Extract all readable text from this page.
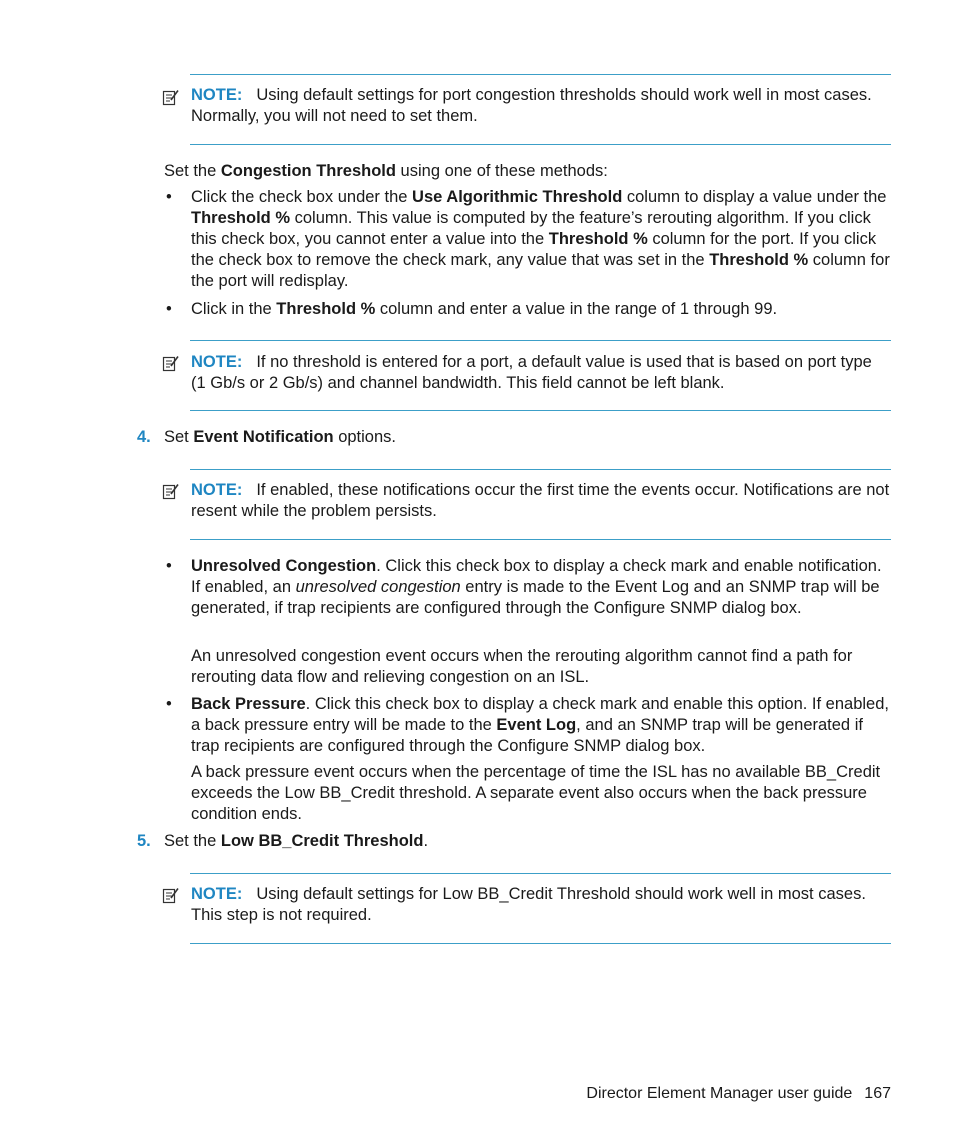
NOTE: Using default settings for port congestion thresholds should work well in most cases. Normally, you will not need to set them.
Set the Congestion Threshold using one of these methods:
• Click the check box under the Use Algorithmic Threshold column to display a value under the Threshold % column. This value is computed by the feature’s rerouting algorithm. If you click this check box, you cannot enter a value into the Threshold % column for the port. If you click the check box to remove the check mark, any value that was set in the Threshold % column for the port will redisplay.
• Click in the Threshold % column and enter a value in the range of 1 through 99.
NOTE: If no threshold is entered for a port, a default value is used that is based on port type (1 Gb/s or 2 Gb/s) and channel bandwidth. This field cannot be left blank.
4. Set Event Notification options.
NOTE: If enabled, these notifications occur the first time the events occur. Notifications are not resent while the problem persists.
• Unresolved Congestion. Click this check box to display a check mark and enable notification. If enabled, an unresolved congestion entry is made to the Event Log and an SNMP trap will be generated, if trap recipients are configured through the Configure SNMP dialog box.
An unresolved congestion event occurs when the rerouting algorithm cannot find a path for rerouting data flow and relieving congestion on an ISL.
• Back Pressure. Click this check box to display a check mark and enable this option. If enabled, a back pressure entry will be made to the Event Log, and an SNMP trap will be generated if trap recipients are configured through the Configure SNMP dialog box.
A back pressure event occurs when the percentage of time the ISL has no available BB_Credit exceeds the Low BB_Credit threshold. A separate event also occurs when the back pressure condition ends.
5. Set the Low BB_Credit Threshold.
NOTE: Using default settings for Low BB_Credit Threshold should work well in most cases. This step is not required.
Director Element Manager user guide 167
